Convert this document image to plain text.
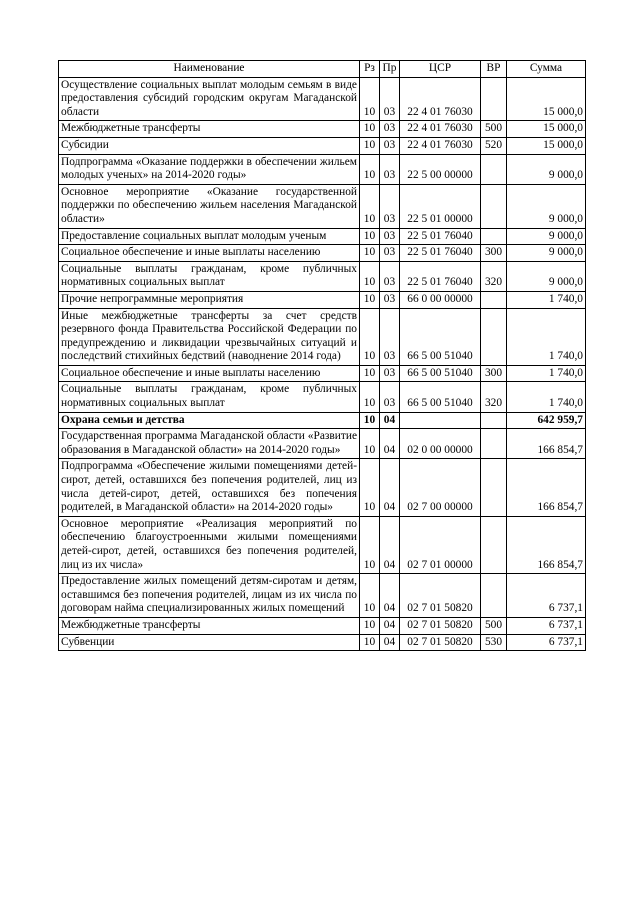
Наименование	Рз	Пр	ЦСР	ВР	Сумма
Осуществление социальных выплат молодым семьям в виде предоставления субсидий городским округам Магаданской области	10	03	22 4 01 76030		15 000,0
Межбюджетные трансферты	10	03	22 4 01 76030	500	15 000,0
Субсидии	10	03	22 4 01 76030	520	15 000,0
Подпрограмма «Оказание поддержки в обеспечении жильем молодых ученых» на 2014-2020 годы»	10	03	22 5 00 00000		9 000,0
Основное мероприятие «Оказание государственной поддержки по обеспечению жильем населения Магаданской области»	10	03	22 5 01 00000		9 000,0
Предоставление социальных выплат молодым ученым	10	03	22 5 01 76040		9 000,0
Социальное обеспечение и иные выплаты населению	10	03	22 5 01 76040	300	9 000,0
Социальные выплаты гражданам, кроме публичных нормативных социальных выплат	10	03	22 5 01 76040	320	9 000,0
Прочие непрограммные мероприятия	10	03	66 0 00 00000		1 740,0
Иные межбюджетные трансферты за счет средств резервного фонда Правительства Российской Федерации по предупреждению и ликвидации чрезвычайных ситуаций и последствий стихийных бедствий (наводнение 2014 года)	10	03	66 5 00 51040		1 740,0
Социальное обеспечение и иные выплаты населению	10	03	66 5 00 51040	300	1 740,0
Социальные выплаты гражданам, кроме публичных нормативных социальных выплат	10	03	66 5 00 51040	320	1 740,0
Охрана семьи и детства	10	04			642 959,7
Государственная программа Магаданской области «Развитие образования в Магаданской области» на 2014-2020 годы»	10	04	02 0 00 00000		166 854,7
Подпрограмма «Обеспечение жилыми помещениями детей-сирот, детей, оставшихся без попечения родителей, лиц из числа детей-сирот, детей, оставшихся без попечения родителей, в Магаданской области» на 2014-2020 годы»	10	04	02 7 00 00000		166 854,7
Основное мероприятие «Реализация мероприятий по обеспечению благоустроенными жилыми помещениями детей-сирот, детей, оставшихся без попечения родителей, лиц из их числа»	10	04	02 7 01 00000		166 854,7
Предоставление жилых помещений детям-сиротам и детям, оставшимся без попечения родителей, лицам из их числа по договорам найма специализированных жилых помещений	10	04	02 7 01 50820		6 737,1
Межбюджетные трансферты	10	04	02 7 01 50820	500	6 737,1
Субвенции	10	04	02 7 01 50820	530	6 737,1
